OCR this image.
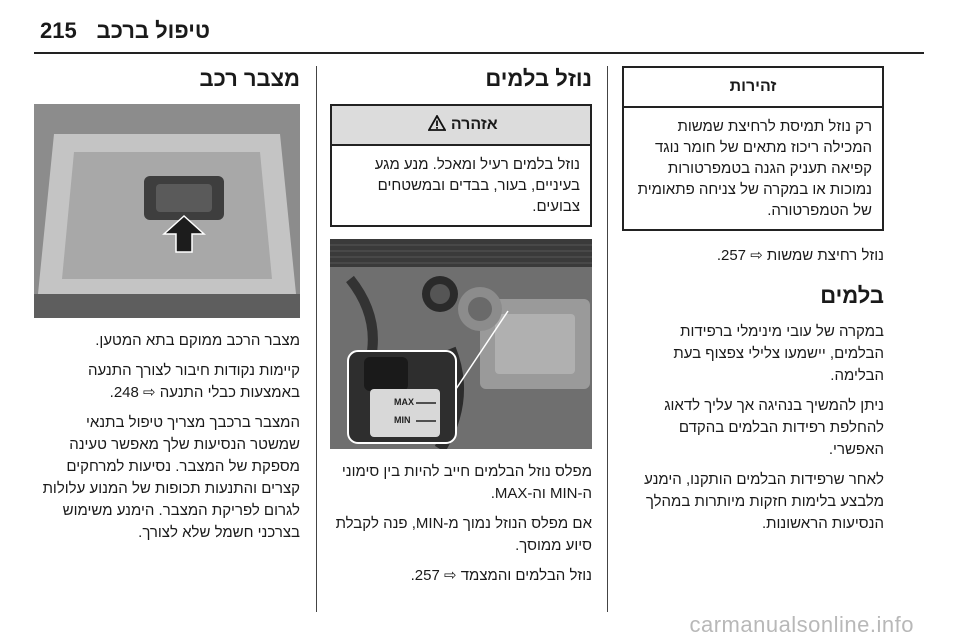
215 טיפול ברכב
זהירות
רק נוזל תמיסת לרחיצת שמשות המכילה ריכוז מתאים של חומר נוגד קפיאה תעניק הגנה בטמפרטורות נמוכות או במקרה של צניחה פתאומית של הטמפרטורה.

נוזל רחיצת שמשות ⇨ 257.

בלמים

במקרה של עובי מינימלי ברפידות הבלמים, יישמעו צלילי צפצוף בעת הבלימה.

ניתן להמשיך בנהיגה אך עליך לדאוג להחלפת רפידות הבלמים בהקדם האפשרי.

לאחר שרפידות הבלמים הותקנו, הימנע מלבצע בלימות חזקות מיותרות במהלך הנסיעות הראשונות.

נוזל בלמים
אזהרה
נוזל בלמים רעיל ומאכל. מנע מגע בעיניים, בעור, בבדים ובמשטחים צבועים.
MAX
MIN

מפלס נוזל הבלמים חייב להיות בין סימוני ה-MIN וה-MAX.

אם מפלס הנוזל נמוך מ-MIN, פנה לקבלת סיוע ממוסך.

נוזל הבלמים והמצמד ⇨ 257.

מצבר רכב

מצבר הרכב ממוקם בתא המטען.

קיימות נקודות חיבור לצורך התנעה באמצעות כבלי התנעה ⇨ 248.

המצבר ברכבך מצריך טיפול בתנאי שמשטר הנסיעות שלך מאפשר טעינה מספקת של המצבר. נסיעות למרחקים קצרים והתנעות תכופות של המנוע עלולות לגרום לפריקת המצבר. הימנע משימוש בצרכני חשמל שלא לצורך.

carmanualsonline.info
